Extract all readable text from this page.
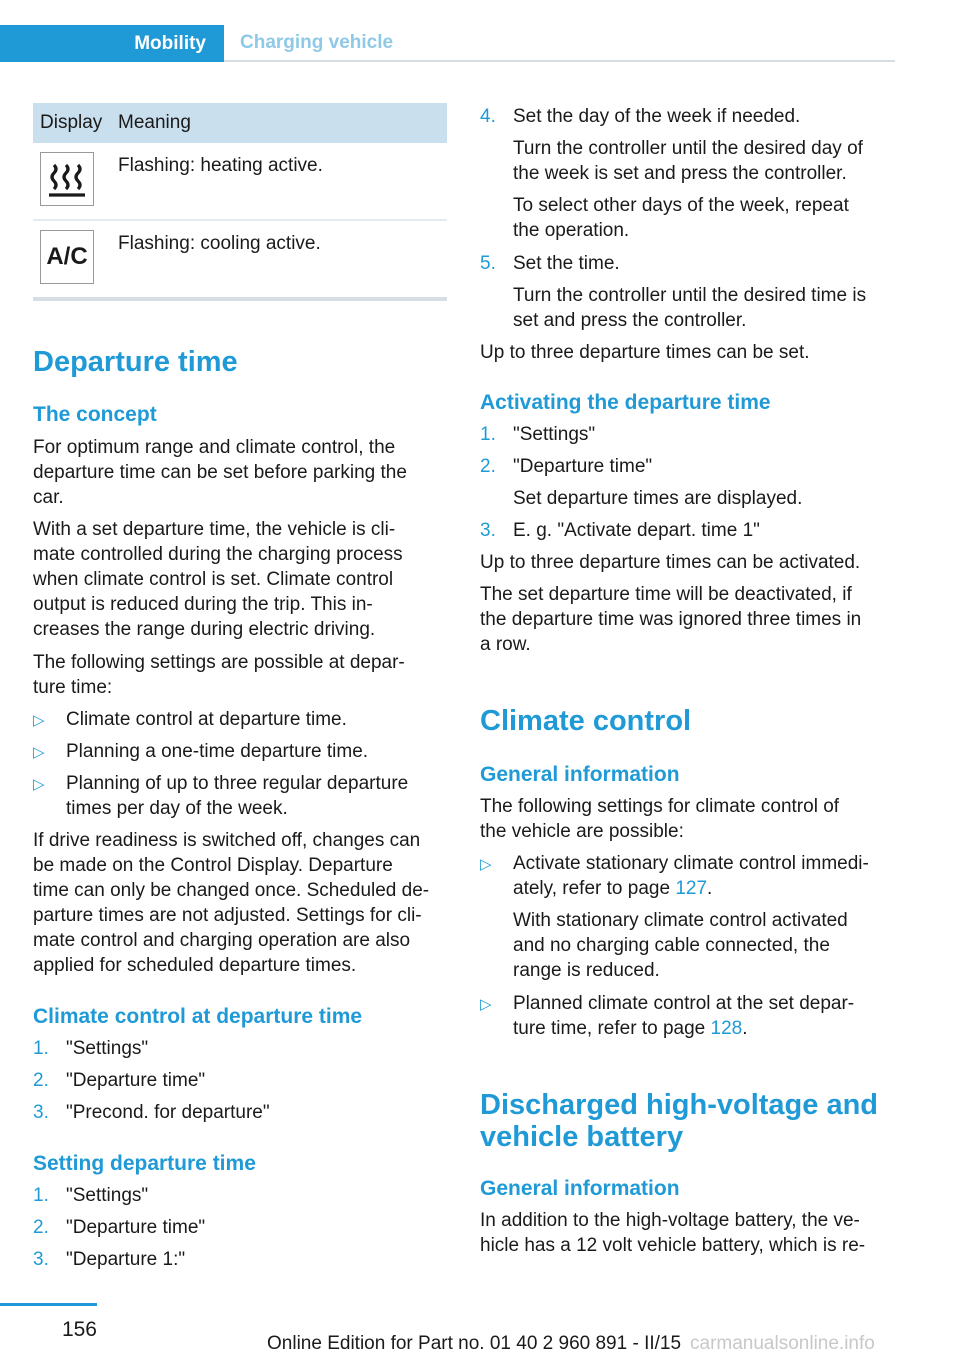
Mobility Charging vehicle
Display Meaning
Flashing: heating active.
A/C Flashing: cooling active.
Departure time
The concept

For optimum range and climate control, the

departure time can be set before parking the

car.

With a set departure time, the vehicle is cli‐

mate controlled during the charging process

when climate control is set. Climate control

output is reduced during the trip. This in‐

creases the range during electric driving.

The following settings are possible at depar‐

ture time:

▷ Climate control at departure time.
▷ Planning a one-time departure time.
▷ Planning of up to three regular departure
times per day of the week.

If drive readiness is switched off, changes can

be made on the Control Display. Departure

time can only be changed once. Scheduled de‐

parture times are not adjusted. Settings for cli‐

mate control and charging operation are also

applied for scheduled departure times.

Climate control at departure time
1. "Settings"
2. "Departure time"
3. "Precond. for departure"
Setting departure time
1. "Settings"
2. "Departure time"
3. "Departure 1:"
4. Set the day of the week if needed.
Turn the controller until the desired day of
the week is set and press the controller.
To select other days of the week, repeat
the operation.
5. Set the time.
Turn the controller until the desired time is
set and press the controller.

Up to three departure times can be set.

Activating the departure time
1. "Settings"
2. "Departure time"
Set departure times are displayed.
3. E. g. "Activate depart. time 1"

Up to three departure times can be activated.

The set departure time will be deactivated, if

the departure time was ignored three times in

a row.

Climate control
General information

The following settings for climate control of

the vehicle are possible:

▷ Activate stationary climate control immedi‐
ately, refer to page 127.
With stationary climate control activated
and no charging cable connected, the
range is reduced.
▷ Planned climate control at the set depar‐
ture time, refer to page 128.
Discharged high-voltage and
vehicle battery
General information

In addition to the high-voltage battery, the ve‐

hicle has a 12 volt vehicle battery, which is re‐

156
Online Edition for Part no. 01 40 2 960 891 - II/15 carmanualsonline.info
